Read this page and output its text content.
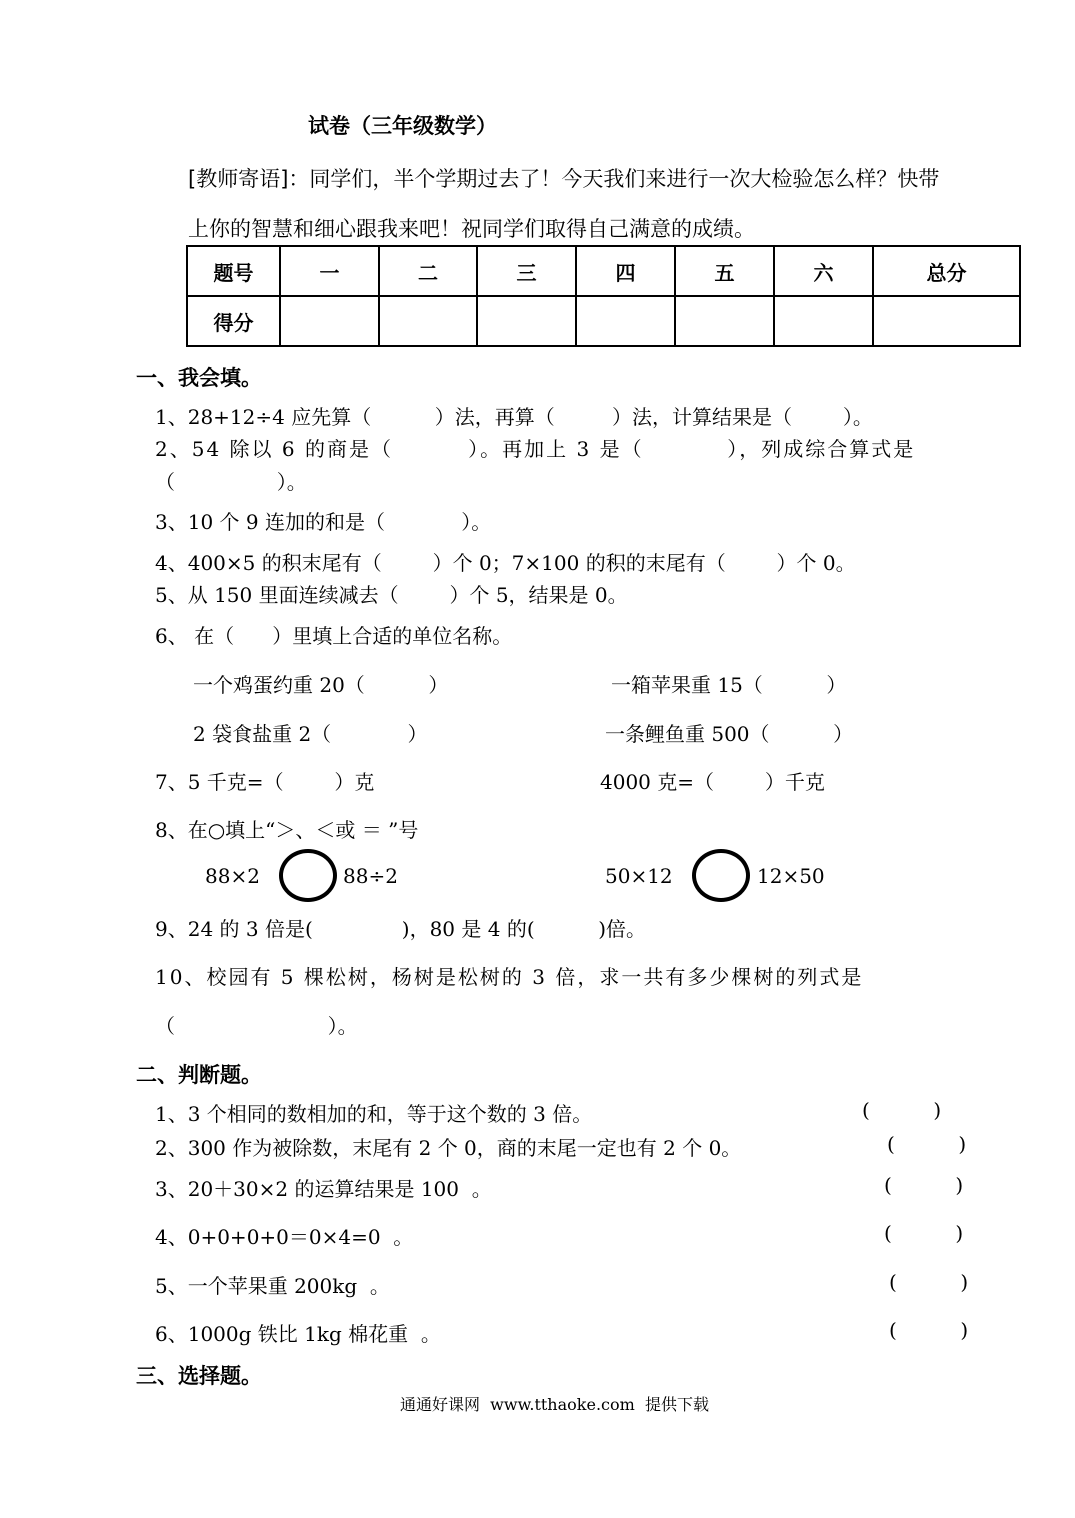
试卷（三年级数学）
[教师寄语]：同学们，半个学期过去了！今天我们来进行一次大检验怎么样？快带
上你的智慧和细心跟我来吧！祝同学们取得自己满意的成绩。
题号	一	二	三	四	五	六	总分
得分							
一、我会填。
1、28+12÷4 应先算（          ）法，再算（         ）法，计算结果是（        ）。
2、54 除以 6 的商是（         ）。再加上 3 是（          ），列成综合算式是
（                ）。
3、10 个 9 连加的和是（            ）。
4、400×5 的积末尾有（        ）个 0；7×100 的积的末尾有（        ）个 0。
5、从 150 里面连续减去（        ）个 5，结果是 0。
6、 在（      ）里填上合适的单位名称。
一个鸡蛋约重 20（          ）	一箱苹果重 15（          ）
2 袋食盐重 2（            ）	一条鲤鱼重 500（          ）
7、5 千克=（        ）克	4000 克=（        ）千克
8、在○填上“＞、＜或 ＝ ”号
88×2	88÷2	50×12	12×50
9、24 的 3 倍是(              )，80 是 4 的(          )倍。
10、校园有 5 棵松树，杨树是松树的 3 倍，求一共有多少棵树的列式是
（                        ）。
二、判断题。
1、3 个相同的数相加的和，等于这个数的 3 倍。	(          )
2、300 作为被除数，末尾有 2 个 0，商的末尾一定也有 2 个 0。	(          )
3、20＋30×2 的运算结果是 100  。	(          )
4、0+0+0+0＝0×4=0  。	(          )
5、一个苹果重 200kg  。	(          )
6、1000g 铁比 1kg 棉花重  。	(          )
三、选择题。
通通好课网  www.tthaoke.com  提供下载
